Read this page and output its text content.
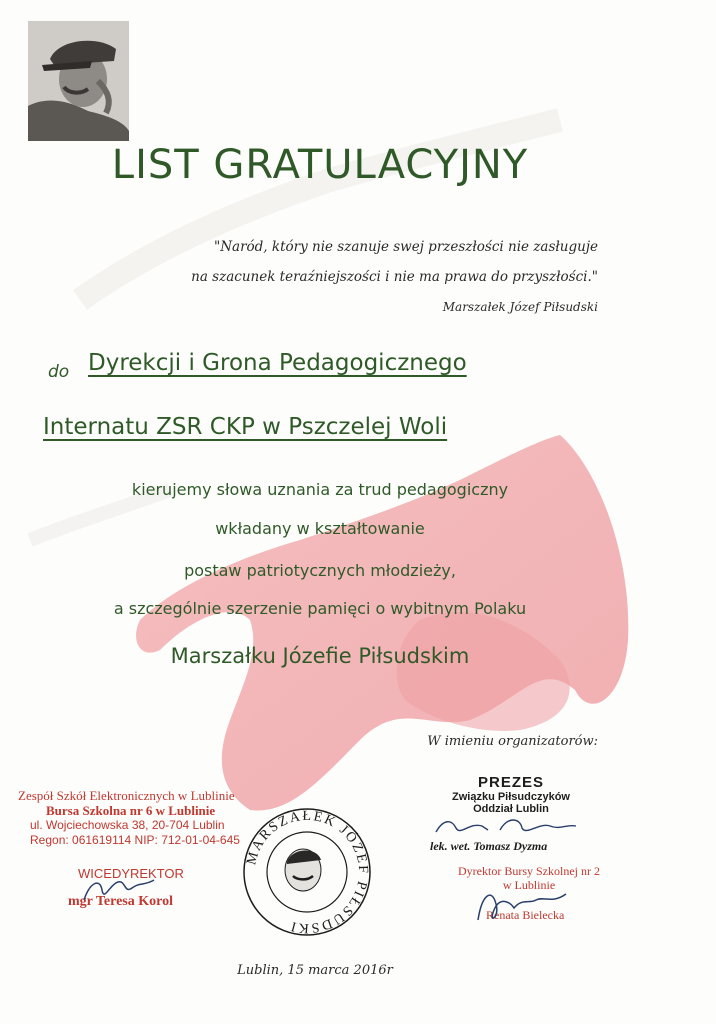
LIST GRATULACYJNY
"Naród, który nie szanuje swej przeszłości nie zasługuje
na szacunek teraźniejszości i nie ma prawa do przyszłości."
Marszałek Józef Piłsudski
do Dyrekcji i Grona Pedagogicznego
Internatu ZSR CKP w Pszczelej Woli
kierujemy słowa uznania za trud pedagogiczny
wkładany w kształtowanie
postaw patriotycznych młodzieży,
a szczególnie szerzenie pamięci o wybitnym Polaku
Marszałku Józefie Piłsudskim
W imieniu organizatorów:
Zespół Szkół Elektronicznych w Lublinie
Bursa Szkolna nr 6 w Lublinie
ul. Wojciechowska 38, 20-704 Lublin
Regon: 061619114 NIP: 712-01-04-645
WICEDYREKTOR
mgr Teresa Korol
MARSZAŁEK JÓZEF PIŁSUDSKI
PREZES
Związku Piłsudczyków
Oddział Lublin
lek. wet. Tomasz Dyzma
Dyrektor Bursy Szkolnej nr 2
w Lublinie
Renata Bielecka
Lublin, 15 marca 2016r
